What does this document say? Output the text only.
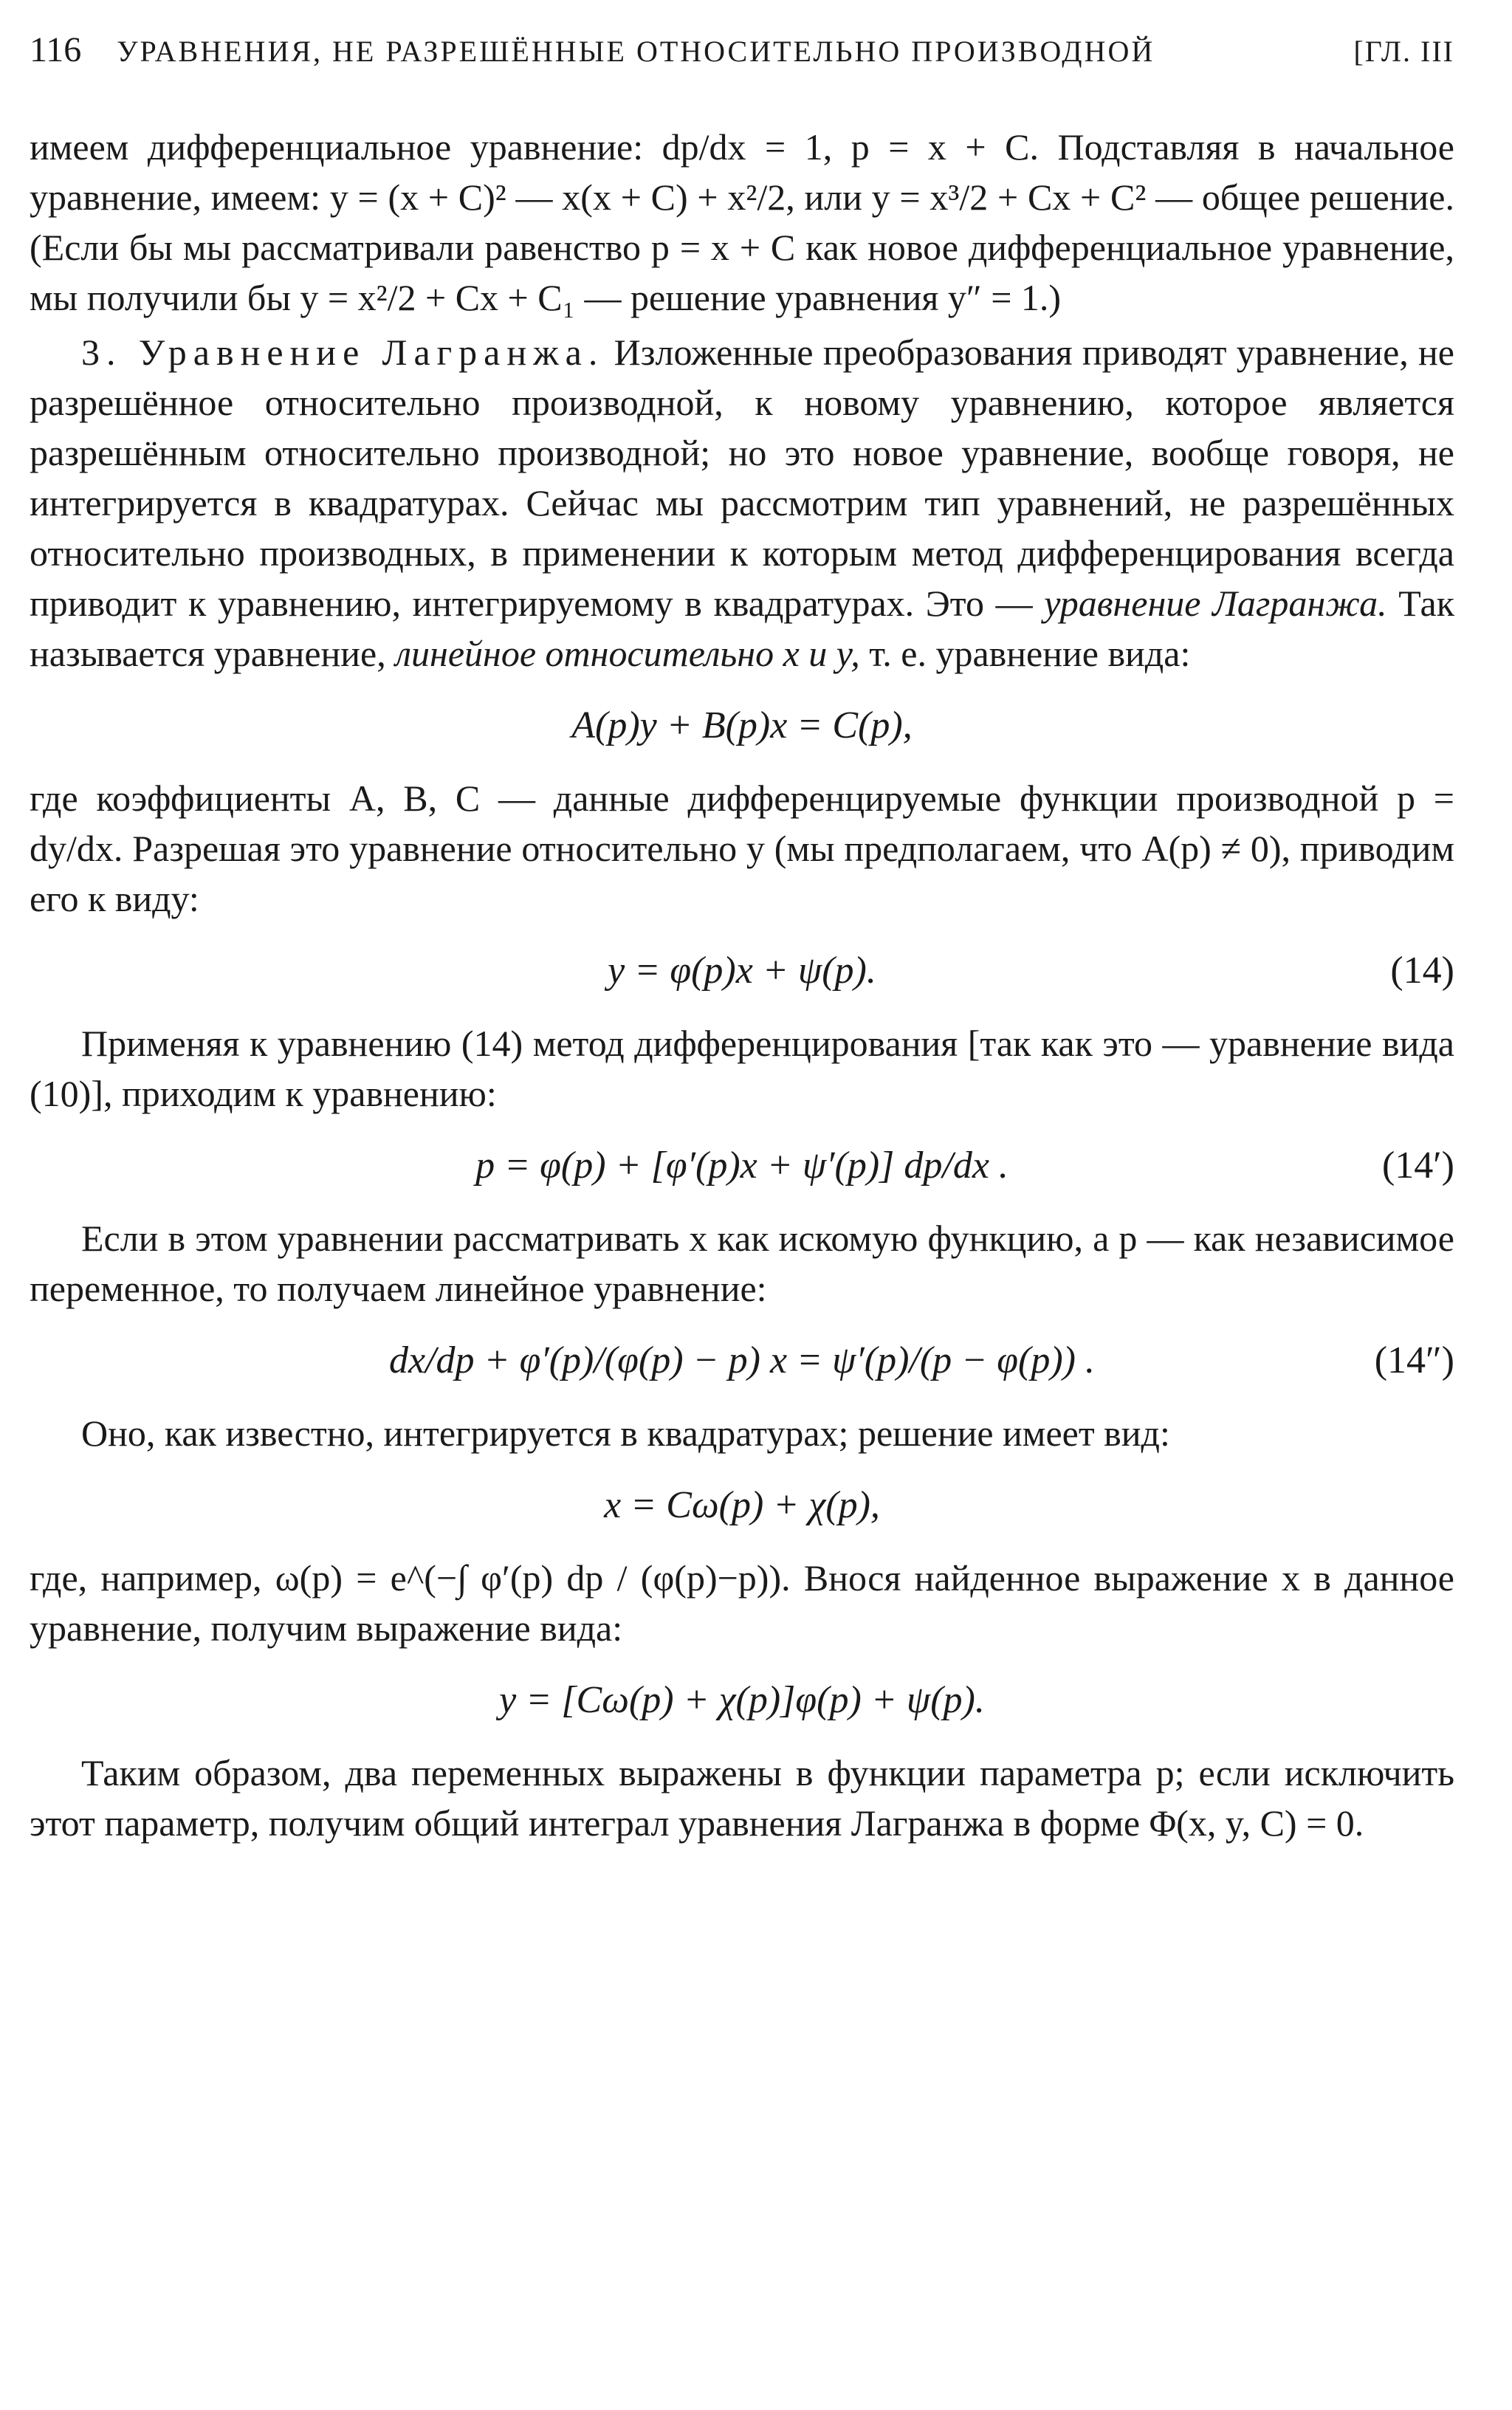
116 УРАВНЕНИЯ, НЕ РАЗРЕШЁННЫЕ ОТНОСИТЕЛЬНО ПРОИЗВОДНОЙ	[ГЛ. III

имеем дифференциальное уравнение: dp/dx = 1, p = x + C. Подставляя в начальное уравнение, имеем: y = (x + C)² — x(x + C) + x²/2, или y = x³/2 + Cx + C² — общее решение. (Если бы мы рассматривали равенство p = x + C как новое дифференциальное уравнение, мы получили бы y = x²/2 + Cx + C₁ — решение уравнения y″ = 1.)

3. Уравнение Лагранжа. Изложенные преобразования приводят уравнение, не разрешённое относительно производной, к новому уравнению, которое является разрешённым относительно производной; но это новое уравнение, вообще говоря, не интегрируется в квадратурах. Сейчас мы рассмотрим тип уравнений, не разрешённых относительно производных, в применении к которым метод дифференцирования всегда приводит к уравнению, интегрируемому в квадратурах. Это — уравнение Лагранжа. Так называется уравнение, линейное относительно x и y, т. е. уравнение вида:

A(p)y + B(p)x = C(p),

где коэффициенты A, B, C — данные дифференцируемые функции производной p = dy/dx. Разрешая это уравнение относительно y (мы предполагаем, что A(p) ≠ 0), приводим его к виду:

y = φ(p)x + ψ(p).	(14)

Применяя к уравнению (14) метод дифференцирования [так как это — уравнение вида (10)], приходим к уравнению:

p = φ(p) + [φ′(p)x + ψ′(p)] dp/dx .	(14′)

Если в этом уравнении рассматривать x как искомую функцию, а p — как независимое переменное, то получаем линейное уравнение:

dx/dp + φ′(p)/(φ(p) − p) x = ψ′(p)/(p − φ(p)) .	(14″)

Оно, как известно, интегрируется в квадратурах; решение имеет вид:

x = Cω(p) + χ(p),

где, например, ω(p) = e^(−∫ φ′(p) dp / (φ(p)−p)). Внося найденное выражение x в данное уравнение, получим выражение вида:

y = [Cω(p) + χ(p)]φ(p) + ψ(p).

Таким образом, два переменных выражены в функции параметра p; если исключить этот параметр, получим общий интеграл уравнения Лагранжа в форме Φ(x, y, C) = 0.
